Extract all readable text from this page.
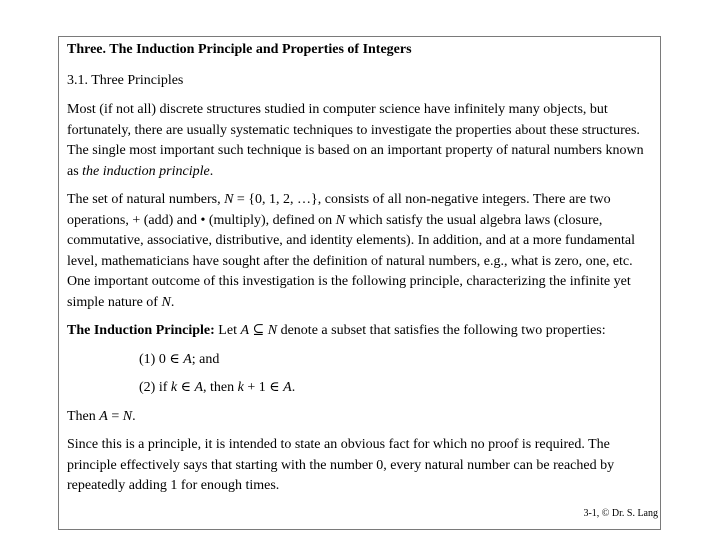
Three. The Induction Principle and Properties of Integers
3.1. Three Principles

Most (if not all) discrete structures studied in computer science have infinitely many objects, but fortunately, there are usually systematic techniques to investigate the properties about these structures. The single most important such technique is based on an important property of natural numbers known as the induction principle.

The set of natural numbers, N = {0, 1, 2, …}, consists of all non-negative integers. There are two operations, + (add) and • (multiply), defined on N which satisfy the usual algebra laws (closure, commutative, associative, distributive, and identity elements). In addition, and at a more fundamental level, mathematicians have sought after the definition of natural numbers, e.g., what is zero, one, etc. One important outcome of this investigation is the following principle, characterizing the infinite yet simple nature of N.

The Induction Principle: Let A ⊆ N denote a subset that satisfies the following two properties:

(1) 0 ∈ A; and

(2) if k ∈ A, then k + 1 ∈ A.

Then A = N.

Since this is a principle, it is intended to state an obvious fact for which no proof is required. The principle effectively says that starting with the number 0, every natural number can be reached by repeatedly adding 1 for enough times.

3-1, © Dr. S. Lang
